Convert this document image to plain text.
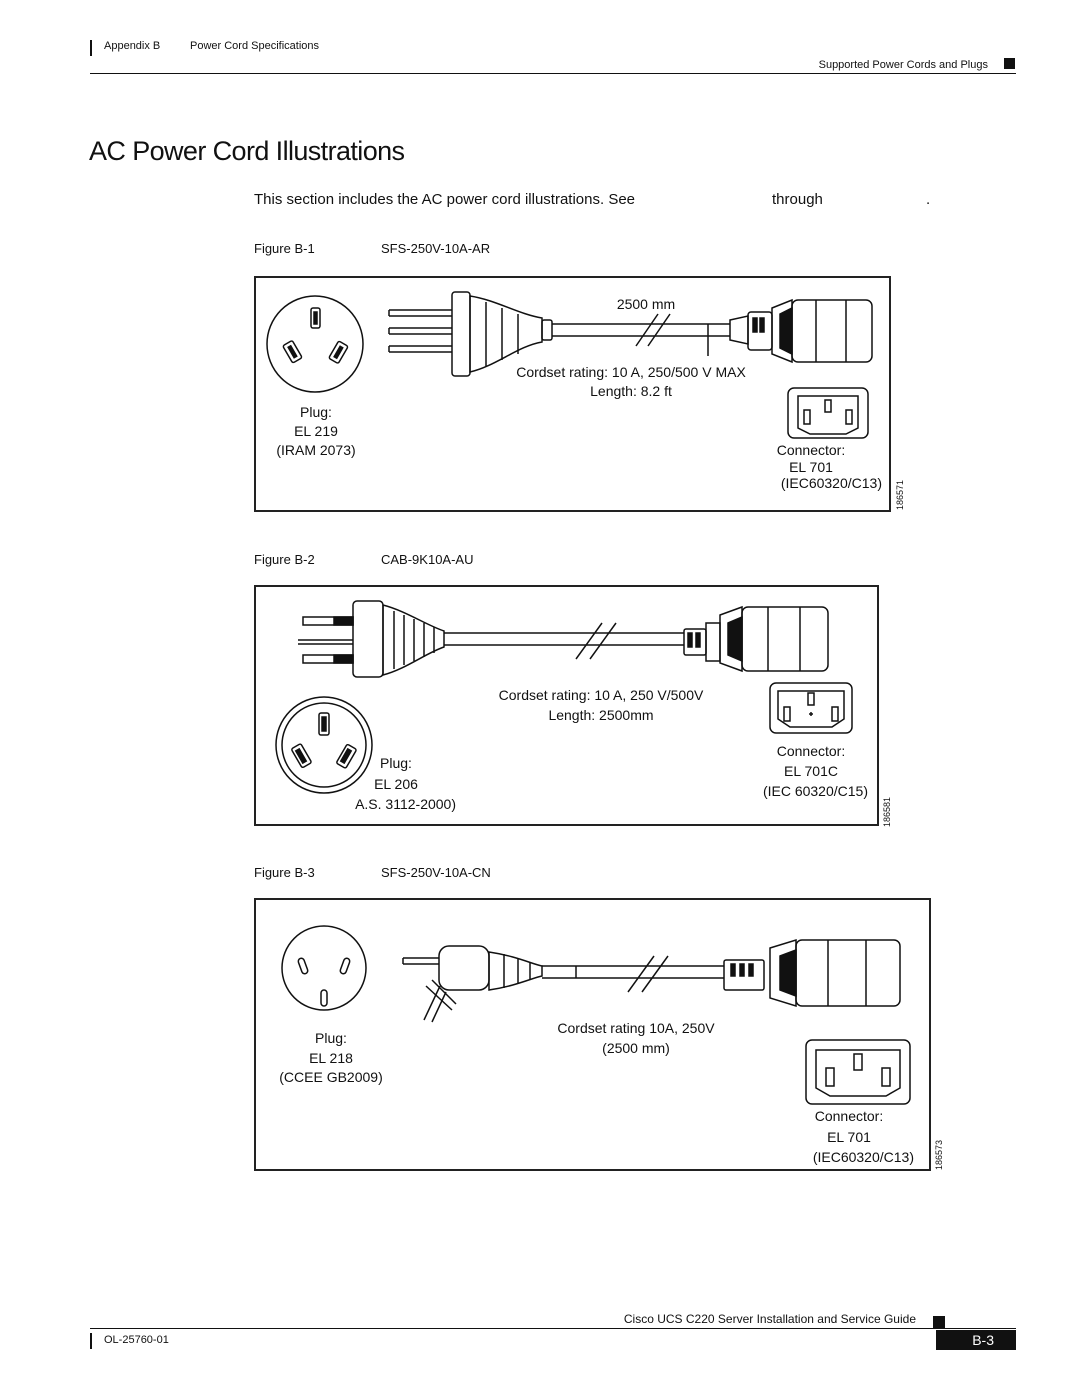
Appendix B	Power Cord Specifications
Supported Power Cords and Plugs
AC Power Cord Illustrations
This section includes the AC power cord illustrations. See	through	.
Figure B-1	SFS-250V-10A-AR
2500 mm
Cordset rating: 10 A, 250/500 V MAX
Length: 8.2 ft
Plug:
EL 219
(IRAM 2073)	Connector:
EL 701
(IEC60320/C13) 186571
Figure B-2	CAB-9K10A-AU
Cordset rating: 10 A, 250 V/500V
Length: 2500mm
Plug:
EL 206
A.S. 3112-2000)
Connector:
EL 701C
(IEC 60320/C15)
186581
Figure B-3	SFS-250V-10A-CN
Cordset rating 10A, 250V
(2500 mm)
Plug:
EL 218
(CCEE GB2009)
Connector:
EL 701
(IEC60320/C13) 186573
Cisco UCS C220 Server Installation and Service Guide
OL-25760-01	B-3
